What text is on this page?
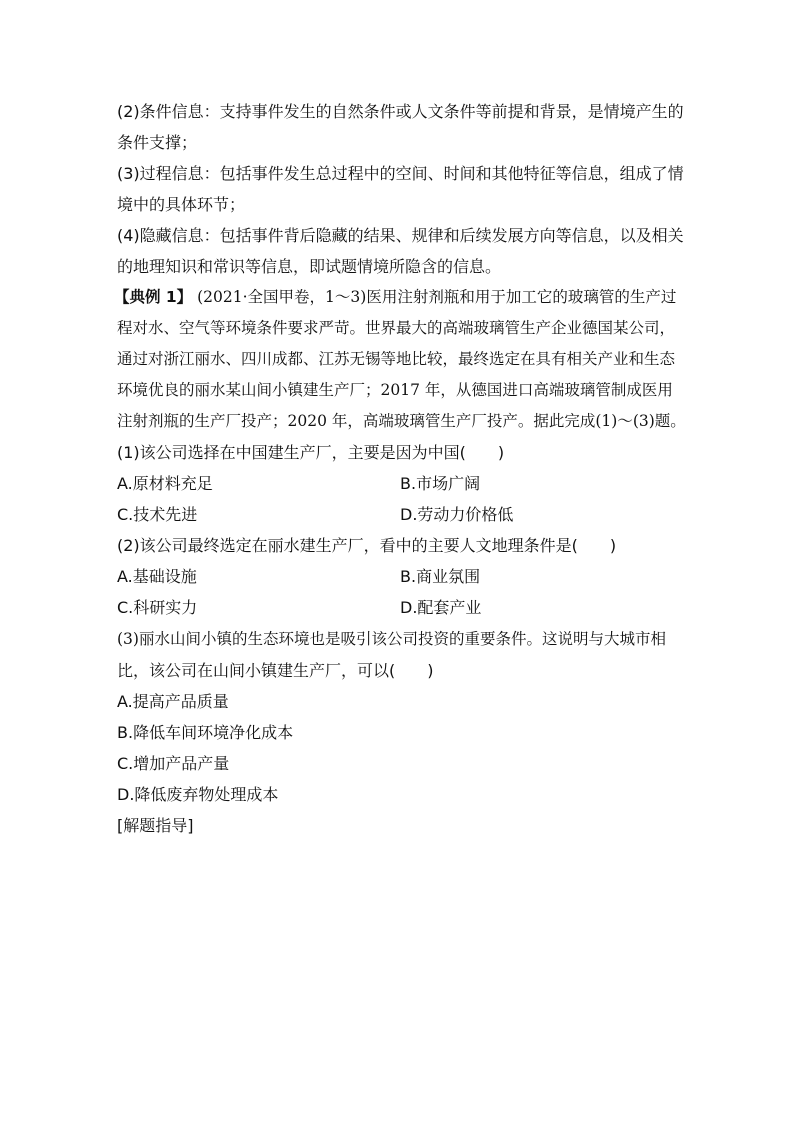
(2)条件信息：支持事件发生的自然条件或人文条件等前提和背景，是情境产生的条件支撑；

(3)过程信息：包括事件发生总过程中的空间、时间和其他特征等信息，组成了情境中的具体环节；

(4)隐藏信息：包括事件背后隐藏的结果、规律和后续发展方向等信息，以及相关的地理知识和常识等信息，即试题情境所隐含的信息。

【典例 1】 (2021·全国甲卷，1～3)医用注射剂瓶和用于加工它的玻璃管的生产过程对水、空气等环境条件要求严苛。世界最大的高端玻璃管生产企业德国某公司，通过对浙江丽水、四川成都、江苏无锡等地比较，最终选定在具有相关产业和生态环境优良的丽水某山间小镇建生产厂；2017 年，从德国进口高端玻璃管制成医用注射剂瓶的生产厂投产；2020 年，高端玻璃管生产厂投产。据此完成(1)～(3)题。

(1)该公司选择在中国建生产厂，主要是因为中国(　　)
A.原材料充足	B.市场广阔
C.技术先进	D.劳动力价格低
(2)该公司最终选定在丽水建生产厂，看中的主要人文地理条件是(　　)
A.基础设施	B.商业氛围
C.科研实力	D.配套产业

(3)丽水山间小镇的生态环境也是吸引该公司投资的重要条件。这说明与大城市相
比，该公司在山间小镇建生产厂，可以(　　)

A.提高产品质量
B.降低车间环境净化成本
C.增加产品产量
D.降低废弃物处理成本
[解题指导]
